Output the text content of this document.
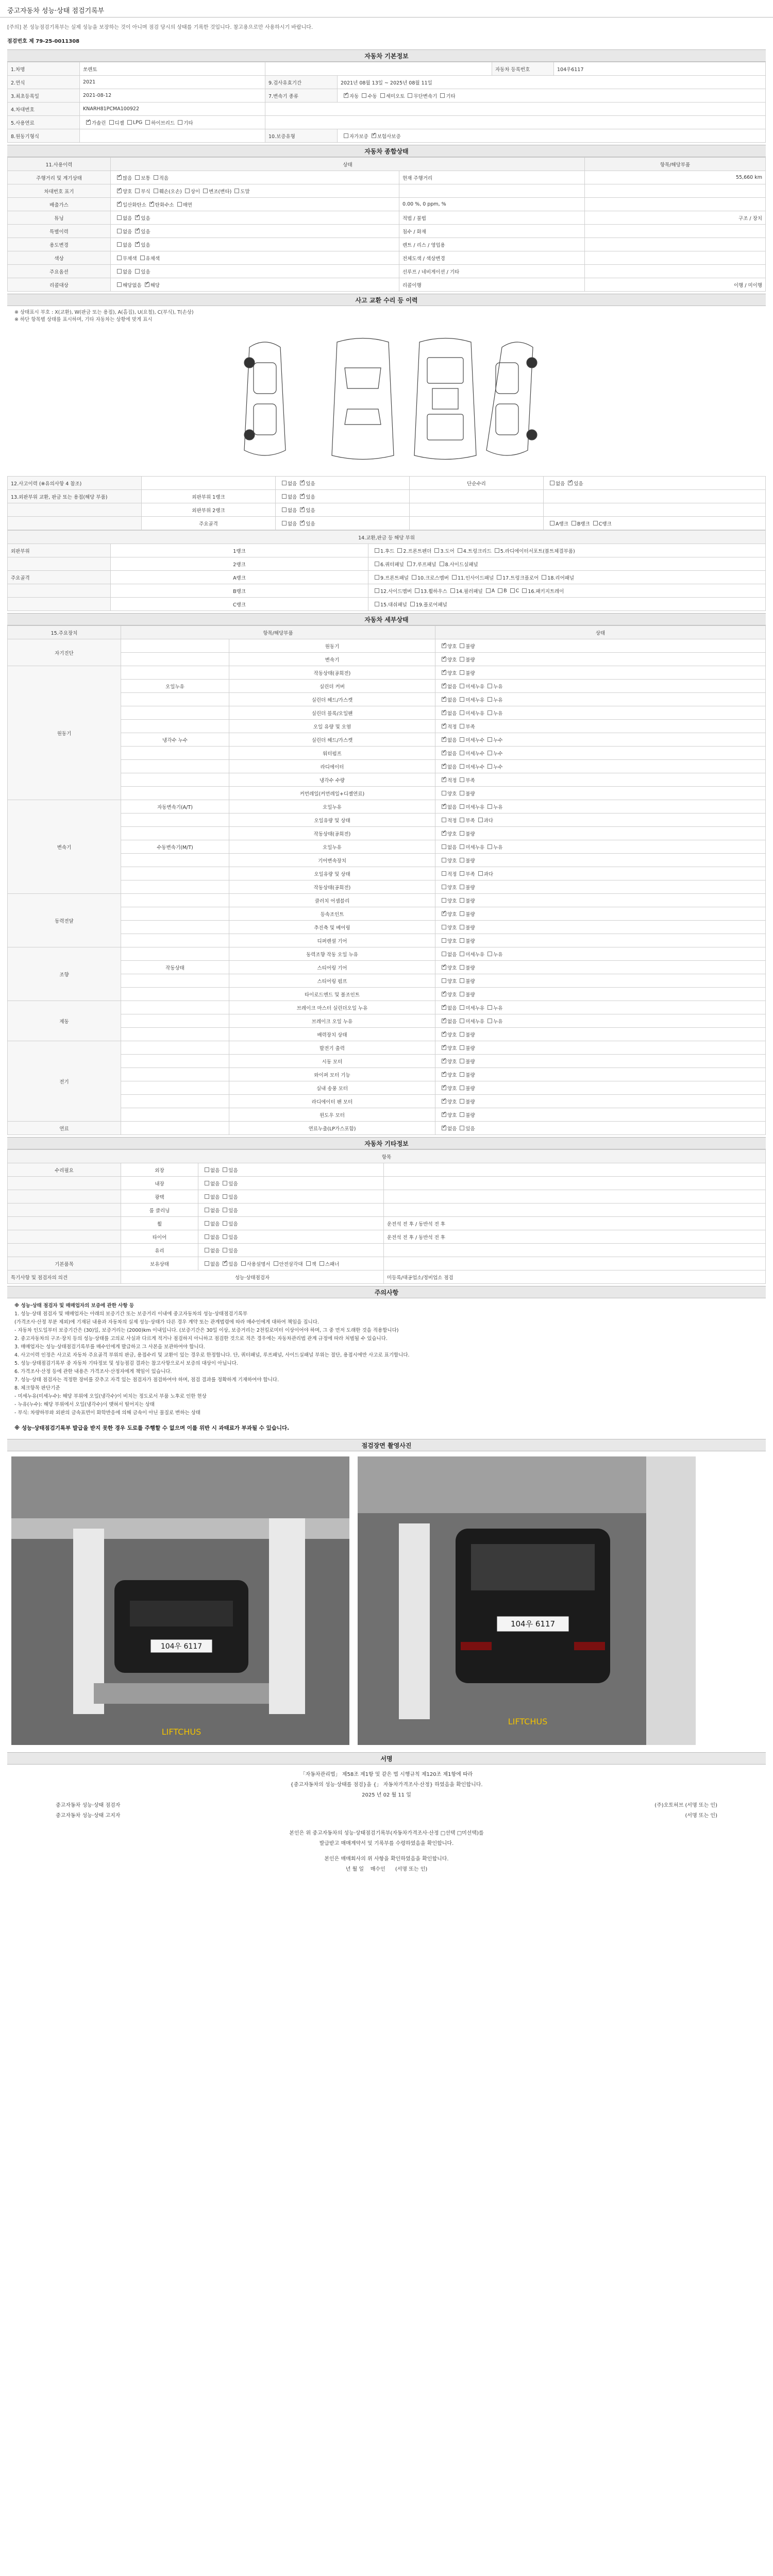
중고자동차 성능·상태 점검기록부
[주의] 본 성능점검기록부는 실제 성능을 보장하는 것이 아니며 점검 당시의 상태를 기록한 것입니다. 참고용으로만 사용하시기 바랍니다.
점검번호 제 79-25-0011308
자동차 기본정보
1.차명	쏘렌토			자동차 등록번호	104우6117
2.연식	2021	9.검사유효기간	2021년 08월 13일 ~ 2025년 08월 11일		
3.최초등록일	2021-08-12	7.변속기 종류	✓자동 수동 세미오토 무단변속기 기타
4.차대번호	KNARH81PCMA100922				
5.사용연료	✓가솔린 디젤 LPG 하이브리드 기타	
8.원동기형식		10.보증유형	자가보증 ✓ 보험사보증
자동차 종합상태
11.사용이력	상태		항목/해당부품
주행거리 및 계기상태	✓많음 보통 적음	현재 주행거리	55,660 km
차대번호 표기	✓양호 부식 훼손(오손) 상이 변조(변타) 도말		
배출가스	✓일산화탄소 ✓ 탄화수소 매연	0.00 %, 0 ppm, %	
튜닝	없음 ✓ 있음	적법 / 불법	구조 / 장치
특별이력	없음 ✓ 있음	침수 / 화재	
용도변경	없음 ✓ 있음	렌트 / 리스 / 영업용	
색상	무채색 유채색	전체도색 / 색상변경	
주요옵션	없음 있음	선루프 / 네비게이션 / 기타	
리콜대상	해당없음 ✓ 해당	리콜이행	이행 / 미이행
사고 교환 수리 등 이력
※ 상태표시 부호 : X(교환), W(판금 또는 용접), A(흠집), U(요철), C(부식), T(손상)
※ 하단 항목별 상태를 표시하며, 기타 자동차는 상황에 맞게 표시
12.사고이력 (※유의사항 4 참조)		없음 ✓ 있음	단순수리	없음 ✓ 있음
13.외판부위 교환, 판금 또는 용접(해당 부품)	외판부위 1랭크	없음 ✓ 있음		
	외판부위 2랭크	없음 ✓ 있음		
	주요골격	없음 ✓ 있음		A랭크 B랭크 C랭크
14.교환,판금 등 해당 부위		
외판부위	1랭크	1.후드 2.프론트펜더 3.도어 4.트렁크리드 5.라디에이터서포트(볼트체결부품)
	2랭크	6.쿼터패널 7.루프패널 8.사이드실패널
주요골격	A랭크	9.프론트패널 10.크로스멤버 11.인사이드패널 17.트렁크플로어 18.리어패널
	B랭크	12.사이드멤버 13.휠하우스 14.필러패널 A B C 16.패키지트레이
	C랭크	15.대쉬패널 19.플로어패널
자동차 세부상태
15.주요장치	항목/해당부품		상태
자기진단		원동기	✓양호 불량
		변속기	✓양호 불량
원동기		작동상태(공회전)	✓양호 불량
	오일누유	실린더 커버	✓없음 미세누유 누유
		실린더 헤드/가스켓	✓없음 미세누유 누유
		실린더 블록/오일팬	✓없음 미세누유 누유
		오일 유량 및 오염	✓적정 부족
	냉각수 누수	실린더 헤드/가스켓	✓없음 미세누수 누수
		워터펌프	✓없음 미세누수 누수
		라디에이터	✓없음 미세누수 누수
		냉각수 수량	✓적정 부족
		커먼레일(커먼레일+디젤연료)	양호 불량
변속기	자동변속기(A/T)	오일누유	✓없음 미세누유 누유
		오일유량 및 상태	적정 부족 과다
		작동상태(공회전)	✓양호 불량
	수동변속기(M/T)	오일누유	없음 미세누유 누유
		기어변속장치	양호 불량
		오일유량 및 상태	적정 부족 과다
		작동상태(공회전)	양호 불량
동력전달		클러치 어셈블리	양호 불량
		등속조인트	✓양호 불량
		추진축 및 베어링	양호 불량
		디퍼렌셜 기어	양호 불량
조향		동력조향 작동 오일 누유	없음 미세누유 누유
	작동상태	스티어링 기어	✓양호 불량
		스티어링 펌프	양호 불량
		타이로드엔드 및 볼조인트	✓양호 불량
제동		브레이크 마스터 실린더오일 누유	✓없음 미세누유 누유
		브레이크 오일 누유	✓없음 미세누유 누유
		배력장치 상태	✓양호 불량
전기		발전기 출력	✓양호 불량
		시동 모터	✓양호 불량
		와이퍼 모터 기능	✓양호 불량
		실내 송풍 모터	✓양호 불량
		라디에이터 팬 모터	✓양호 불량
		윈도우 모터	✓양호 불량
연료		연료누출(LP가스포함)	✓없음 있음
자동차 기타정보
항목			
수리필요	외장	없음 있음	
	내장	없음 있음	
	광택	없음 있음	
	룸 클리닝	없음 있음	
	휠	없음 있음	운전석 전 후 / 동반석 전 후
	타이어	없음 있음	운전석 전 후 / 동반석 전 후
	유리	없음 있음	
기본품목	보유상태	없음 ✓ 있음 사용설명서 안전삼각대 잭 스패너	
특기사항 및 점검자의 의견	성능·상태점검자		미등록/대공업소/정비업소 점검
주의사항

※ 성능·상태 점검자 및 매매업자의 보증에 관한 사항 등

1. 성능·상태 점검자 및 매매업자는 아래의 보증기간 또는 보증거리 이내에 중고자동차의 성능·상태점검기록부

(가격조사·산정 부분 제외)에 기재된 내용과 자동차의 실제 성능·상태가 다른 경우 계약 또는 관계법령에 따라 매수인에게 대하여 책임을 집니다.

- 자동차 인도일부터 보증기간은 (30)일, 보증거리는 (2000)km 이내입니다. (보증기간은 30일 이상, 보증거리는 2천킬로미터 이상이어야 하며, 그 중 먼저 도래한 것을 적용합니다)

2. 중고자동차의 구조·장치 등의 성능·상태를 고의로 사실과 다르게 적거나 점검하지 아니하고 점검한 것으로 적은 경우에는 자동차관리법 관계 규정에 따라 처벌될 수 있습니다.

3. 매매업자는 성능·상태점검기록부를 매수인에게 발급하고 그 사본을 보관하여야 합니다.

4. 사고이력 인정은 사고로 자동차 주요골격 부위의 판금, 용접수리 및 교환이 있는 경우로 한정합니다. 단, 쿼터패널, 루프패널, 사이드실패널 부위는 절단, 용접시에만 사고로 표기합니다.

5. 성능·상태점검기록부 중 자동차 기타정보 및 성능점검 결과는 참고사항으로서 보증의 대상이 아닙니다.

6. 가격조사·산정 등에 관한 내용은 가격조사·산정자에게 책임이 있습니다.

7. 성능·상태 점검자는 적정한 장비를 갖추고 자격 있는 점검자가 점검하여야 하며, 점검 결과를 정확하게 기재하여야 합니다.

8. 체크항목 판단기준

- 미세누유(미세누수): 해당 부위에 오일(냉각수)이 비치는 정도로서 부품 노후로 인한 현상

- 누유(누수): 해당 부위에서 오일(냉각수)이 맺혀서 떨어지는 상태

- 부식: 차량하부와 외판의 금속표면이 화학반응에 의해 금속이 아닌 물질로 변하는 상태

※ 성능·상태점검기록부 발급을 받지 못한 경우 도로를 주행할 수 없으며 이를 위반 시 과태료가 부과될 수 있습니다.
점검장면 촬영사진
104우 6117
LIFTCHUS
104우 6117
LIFTCHUS
서명
「자동차관리법」 제58조 제1항 및 같은 법 시행규칙 제120조 제1항에 따라
{중고자동차의 성능·상태를 점검}을 {」 자동차가격조사·산정} 하였음을 확인합니다.
2025 년 02 월 11 일
중고자동차 성능·상태 점검자	(주)오토허브 (서명 또는 인)
중고자동차 성능·상태 고지자	(서명 또는 인)
본인은 위 중고자동차의 성능·상태점검기록부(자동차가격조사·산정 □선택 □미선택)를
발급받고 매매계약서 및 기록부를 수령하였음을 확인합니다.
본인은 매매회사의 위 사항을 확인하였음을 확인합니다.
년 월 일 매수인 (서명 또는 인)
